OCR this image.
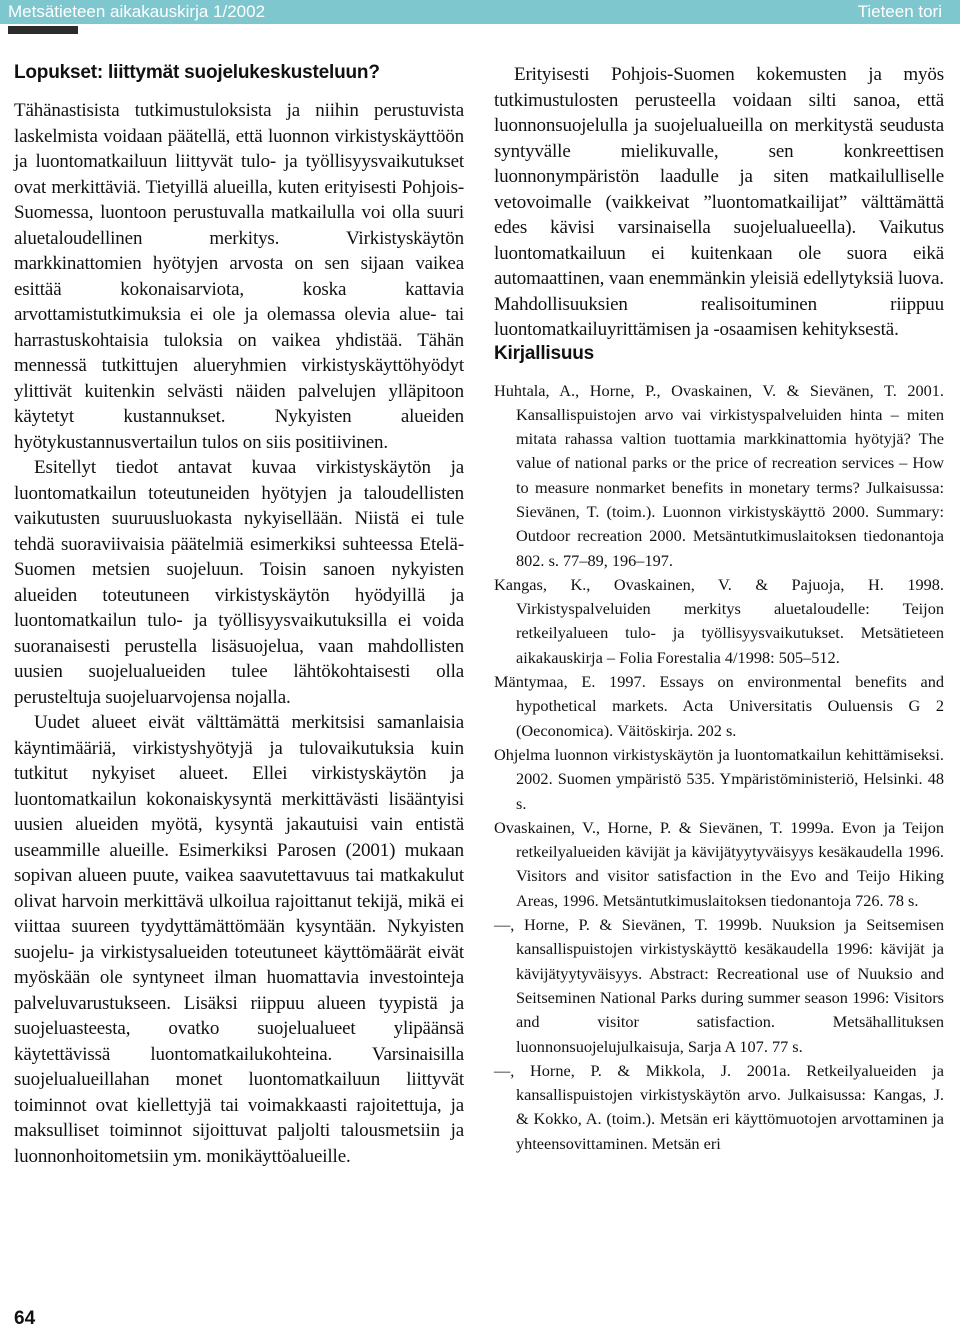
Metsätieteen aikakauskirja 1/2002	Tieteen tori
Lopukset: liittymät suojelukeskusteluun?

Tähänastisista tutkimustuloksista ja niihin perustuvista laskelmista voidaan päätellä, että luonnon virkistyskäyttöön ja luontomatkailuun liittyvät tulo- ja työllisyysvaikutukset ovat merkittäviä. Tietyillä alueilla, kuten erityisesti Pohjois-Suomessa, luontoon perustuvalla matkailulla voi olla suuri aluetaloudellinen merkitys. Virkistyskäytön markkinattomien hyötyjen arvosta on sen sijaan vaikea esittää kokonaisarviota, koska kattavia arvottamistutkimuksia ei ole ja olemassa olevia alue- tai harrastuskohtaisia tuloksia on vaikea yhdistää. Tähän mennessä tutkittujen alueryhmien virkistyskäyttöhyödyt ylittivät kuitenkin selvästi näiden palvelujen ylläpitoon käytetyt kustannukset. Nykyisten alueiden hyötykustannusvertailun tulos on siis positiivinen.

Esitellyt tiedot antavat kuvaa virkistyskäytön ja luontomatkailun toteutuneiden hyötyjen ja taloudellisten vaikutusten suuruusluokasta nykyisellään. Niistä ei tule tehdä suoraviivaisia päätelmiä esimerkiksi suhteessa Etelä-Suomen metsien suojeluun. Toisin sanoen nykyisten alueiden toteutuneen virkistyskäytön hyödyillä ja luontomatkailun tulo- ja työllisyysvaikutuksilla ei voida suoranaisesti perustella lisäsuojelua, vaan mahdollisten uusien suojelualueiden tulee lähtökohtaisesti olla perusteltuja suojeluarvojensa nojalla.

Uudet alueet eivät välttämättä merkitsisi samanlaisia käyntimääriä, virkistyshyötyjä ja tulovaikutuksia kuin tutkitut nykyiset alueet. Ellei virkistyskäytön ja luontomatkailun kokonaiskysyntä merkittävästi lisääntyisi uusien alueiden myötä, kysyntä jakautuisi vain entistä useammille alueille. Esimerkiksi Parosen (2001) mukaan sopivan alueen puute, vaikea saavutettavuus tai matkakulut olivat harvoin merkittävä ulkoilua rajoittanut tekijä, mikä ei viittaa suureen tyydyttämättömään kysyntään. Nykyisten suojelu- ja virkistysalueiden toteutuneet käyttömäärät eivät myöskään ole syntyneet ilman huomattavia investointeja palveluvarustukseen. Lisäksi riippuu alueen tyypistä ja suojeluasteesta, ovatko suojelualueet ylipäänsä käytettävissä luontomatkailukohteina. Varsinaisilla suojelualueillahan monet luontomatkailuun liittyvät toiminnot ovat kiellettyjä tai voimakkaasti rajoitettuja, ja maksulliset toiminnot sijoittuvat paljolti talousmetsiin ja luonnonhoitometsiin ym. monikäyttöalueille.

Erityisesti Pohjois-Suomen kokemusten ja myös tutkimustulosten perusteella voidaan silti sanoa, että luonnonsuojelulla ja suojelualueilla on merkitystä seudusta syntyvälle mielikuvalle, sen konkreettisen luonnonympäristön laadulle ja siten matkailulliselle vetovoimalle (vaikkeivat ”luontomatkailijat” välttämättä edes kävisi varsinaisella suojelualueella). Vaikutus luontomatkailuun ei kuitenkaan ole suora eikä automaattinen, vaan enemmänkin yleisiä edellytyksiä luova. Mahdollisuuksien realisoituminen riippuu luontomatkailuyrittämisen ja -osaamisen kehityksestä.

Kirjallisuus
Huhtala, A., Horne, P., Ovaskainen, V. & Sievänen, T. 2001. Kansallispuistojen arvo vai virkistyspalveluiden hinta – miten mitata rahassa valtion tuottamia markkinattomia hyötyjä? The value of national parks or the price of recreation services – How to measure nonmarket benefits in monetary terms? Julkaisussa: Sievänen, T. (toim.). Luonnon virkistyskäyttö 2000. Summary: Outdoor recreation 2000. Metsäntutkimuslaitoksen tiedonantoja 802. s. 77–89, 196–197.
Kangas, K., Ovaskainen, V. & Pajuoja, H. 1998. Virkistyspalveluiden merkitys aluetaloudelle: Teijon retkeilyalueen tulo- ja työllisyysvaikutukset. Metsätieteen aikakauskirja – Folia Forestalia 4/1998: 505–512.
Mäntymaa, E. 1997. Essays on environmental benefits and hypothetical markets. Acta Universitatis Ouluensis G 2 (Oeconomica). Väitöskirja. 202 s.
Ohjelma luonnon virkistyskäytön ja luontomatkailun kehittämiseksi. 2002. Suomen ympäristö 535. Ympäristöministeriö, Helsinki. 48 s.
Ovaskainen, V., Horne, P. & Sievänen, T. 1999a. Evon ja Teijon retkeilyalueiden kävijät ja kävijätyytyväisyys kesäkaudella 1996. Visitors and visitor satisfaction in the Evo and Teijo Hiking Areas, 1996. Metsäntutkimuslaitoksen tiedonantoja 726. 78 s.
—, Horne, P. & Sievänen, T. 1999b. Nuuksion ja Seitsemisen kansallispuistojen virkistyskäyttö kesäkaudella 1996: kävijät ja kävijätyytyväisyys. Abstract: Recreational use of Nuuksio and Seitseminen National Parks during summer season 1996: Visitors and visitor satisfaction. Metsähallituksen luonnonsuojelujulkaisuja, Sarja A 107. 77 s.
—, Horne, P. & Mikkola, J. 2001a. Retkeilyalueiden ja kansallispuistojen virkistyskäytön arvo. Julkaisussa: Kangas, J. & Kokko, A. (toim.). Metsän eri käyttömuotojen arvottaminen ja yhteensovittaminen. Metsän eri
64
